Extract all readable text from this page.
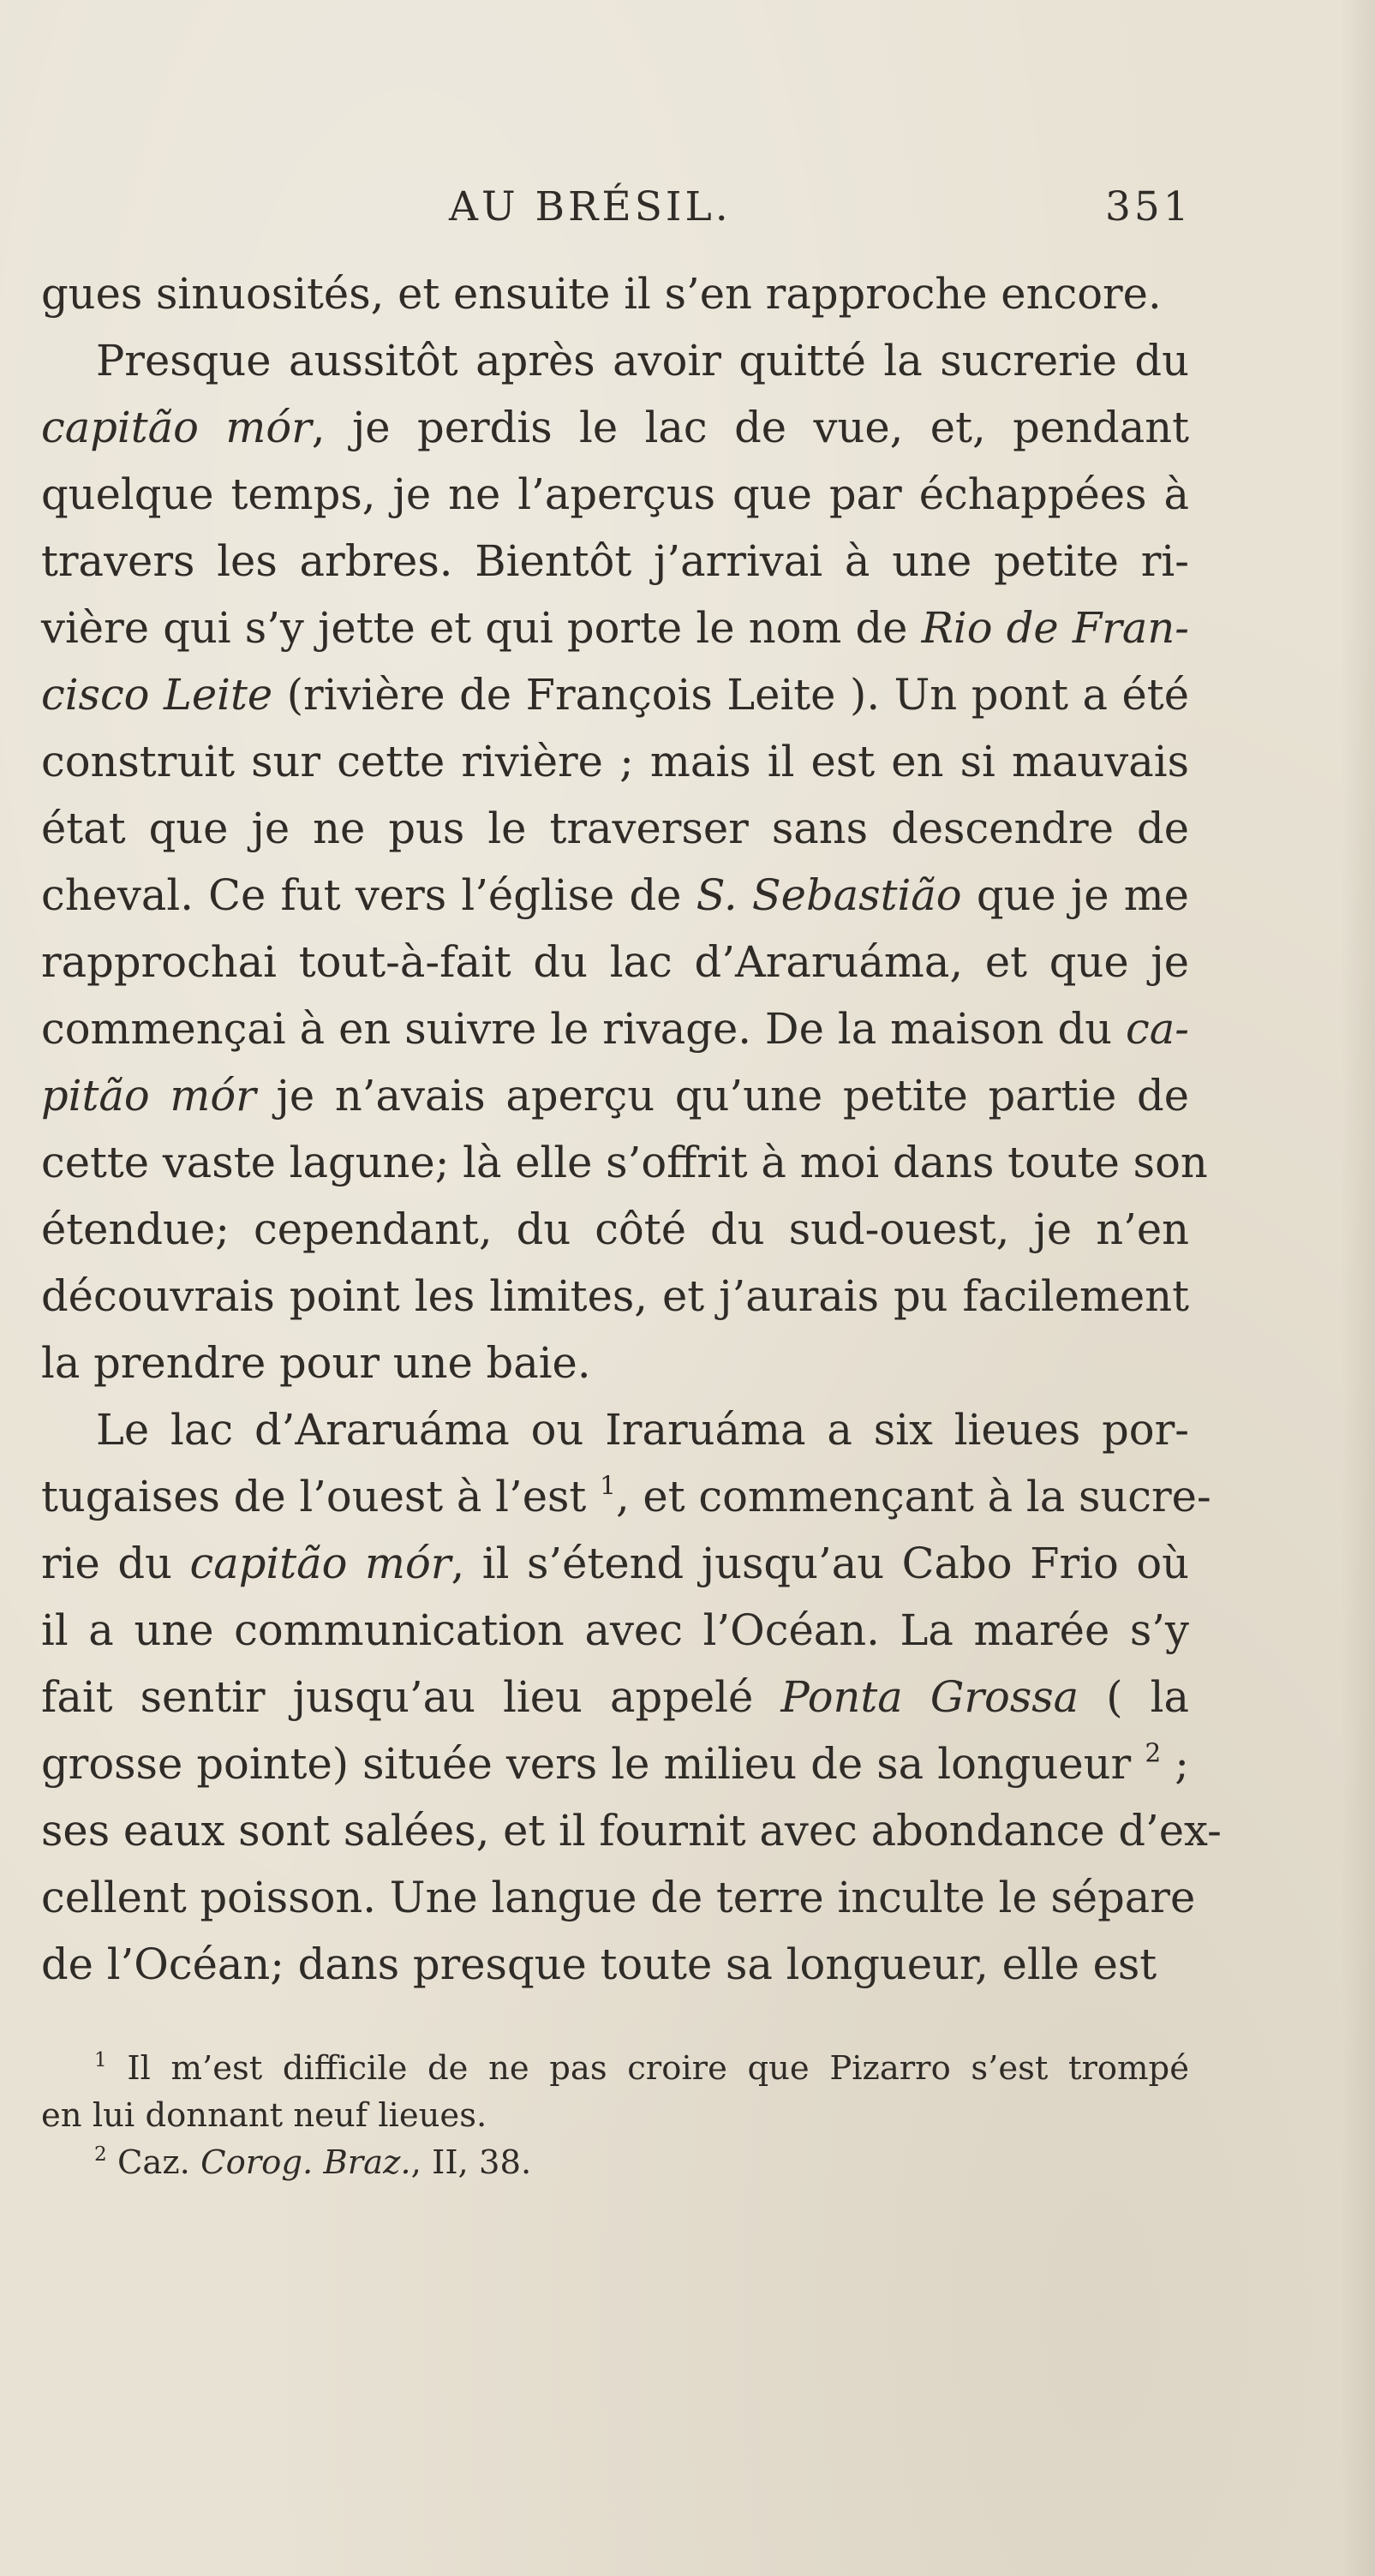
AU BRÉSIL.	351
gues sinuosités, et ensuite il s’en rapproche encore.
Presque aussitôt après avoir quitté la sucrerie du
capitão mór, je perdis le lac de vue, et, pendant
quelque temps, je ne l’aperçus que par échappées à
travers les arbres. Bientôt j’arrivai à une petite ri-
vière qui s’y jette et qui porte le nom de Rio de Fran-
cisco Leite (rivière de François Leite ). Un pont a été
construit sur cette rivière ; mais il est en si mauvais
état que je ne pus le traverser sans descendre de
cheval. Ce fut vers l’église de S. Sebastião que je me
rapprochai tout-à-fait du lac d’Araruáma, et que je
commençai à en suivre le rivage. De la maison du ca-
pitão mór je n’avais aperçu qu’une petite partie de
cette vaste lagune; là elle s’offrit à moi dans toute son
étendue; cependant, du côté du sud-ouest, je n’en
découvrais point les limites, et j’aurais pu facilement
la prendre pour une baie.
Le lac d’Araruáma ou Iraruáma a six lieues por-
tugaises de l’ouest à l’est $^1$, et commençant à la sucre-
rie du capitão mór, il s’étend jusqu’au Cabo Frio où
il a une communication avec l’Océan. La marée s’y
fait sentir jusqu’au lieu appelé Ponta Grossa ( la
grosse pointe) située vers le milieu de sa longueur $^2$ ;
ses eaux sont salées, et il fournit avec abondance d’ex-
cellent poisson. Une langue de terre inculte le sépare
de l’Océan; dans presque toute sa longueur, elle est
$^1$ Il m’est difficile de ne pas croire que Pizarro s’est trompé
en lui donnant neuf lieues.
$^2$ Caz. Corog. Braz., II, 38.
